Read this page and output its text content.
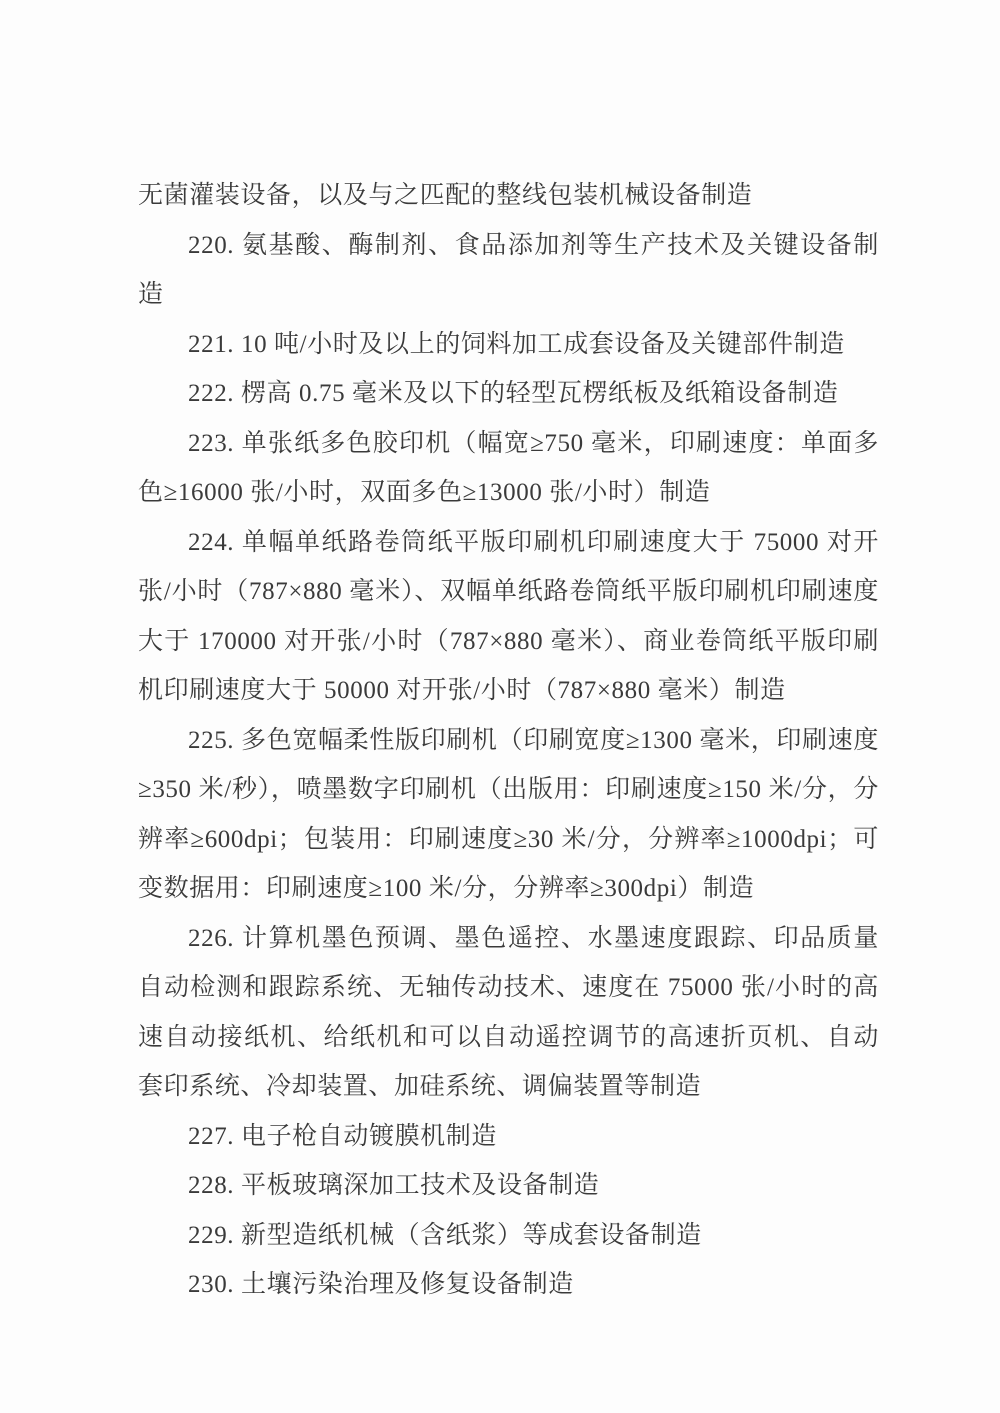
无菌灌装设备，以及与之匹配的整线包装机械设备制造

220. 氨基酸、酶制剂、食品添加剂等生产技术及关键设备制造

221. 10 吨/小时及以上的饲料加工成套设备及关键部件制造

222. 楞高 0.75 毫米及以下的轻型瓦楞纸板及纸箱设备制造

223. 单张纸多色胶印机（幅宽≥750 毫米，印刷速度：单面多色≥16000 张/小时，双面多色≥13000 张/小时）制造

224. 单幅单纸路卷筒纸平版印刷机印刷速度大于 75000 对开张/小时（787×880 毫米）、双幅单纸路卷筒纸平版印刷机印刷速度大于 170000 对开张/小时（787×880 毫米）、商业卷筒纸平版印刷机印刷速度大于 50000 对开张/小时（787×880 毫米）制造

225. 多色宽幅柔性版印刷机（印刷宽度≥1300 毫米，印刷速度≥350 米/秒），喷墨数字印刷机（出版用：印刷速度≥150 米/分，分辨率≥600dpi；包装用：印刷速度≥30 米/分，分辨率≥1000dpi；可变数据用：印刷速度≥100 米/分，分辨率≥300dpi）制造

226. 计算机墨色预调、墨色遥控、水墨速度跟踪、印品质量自动检测和跟踪系统、无轴传动技术、速度在 75000 张/小时的高速自动接纸机、给纸机和可以自动遥控调节的高速折页机、自动套印系统、冷却装置、加硅系统、调偏装置等制造

227. 电子枪自动镀膜机制造

228. 平板玻璃深加工技术及设备制造

229. 新型造纸机械（含纸浆）等成套设备制造

230. 土壤污染治理及修复设备制造
